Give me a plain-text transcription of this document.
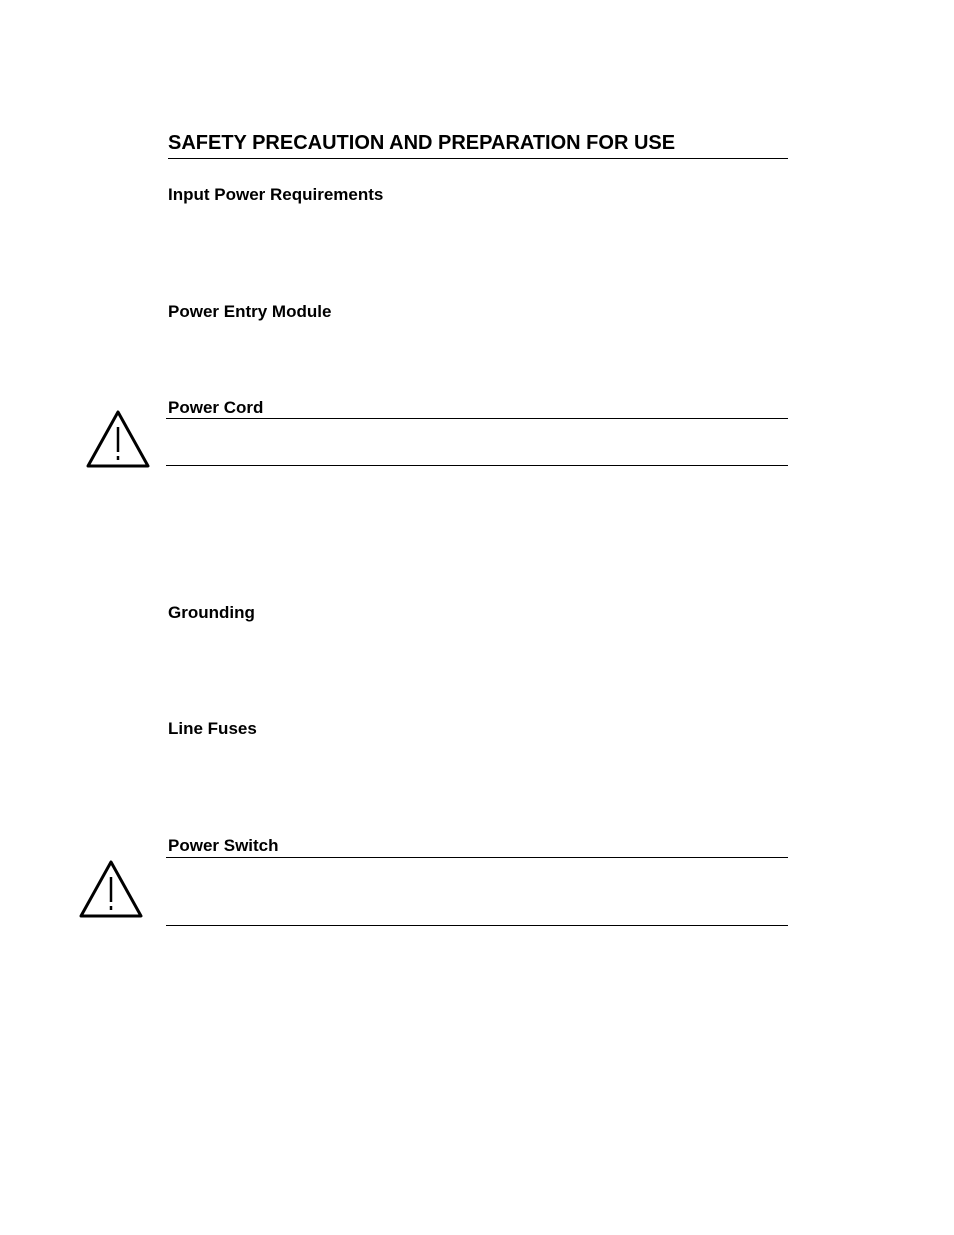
SAFETY PRECAUTION AND PREPARATION FOR USE
Input Power Requirements
Power Entry Module
Power Cord
Grounding
Line Fuses
Power Switch
